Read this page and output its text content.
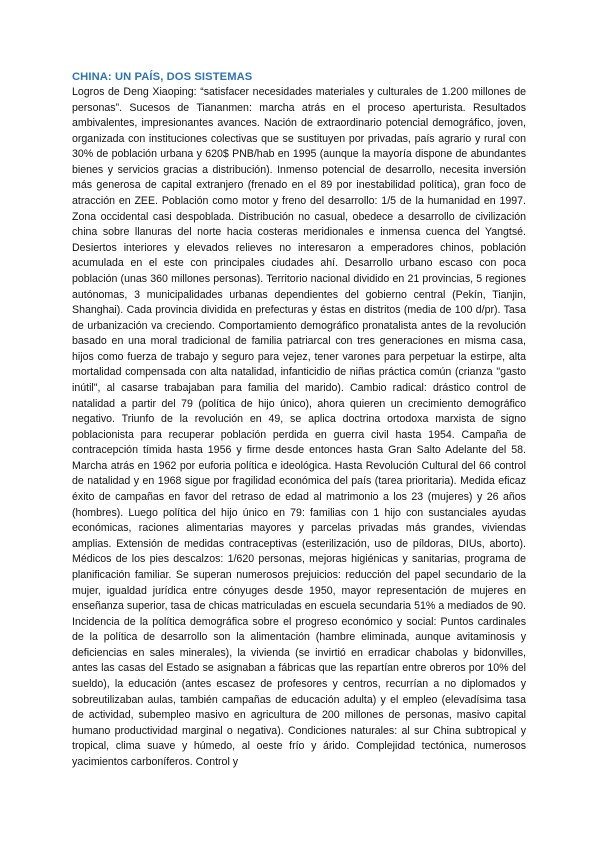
CHINA: UN PAÍS, DOS SISTEMAS

Logros de Deng Xiaoping: “satisfacer necesidades materiales y culturales de 1.200 millones de personas”. Sucesos de Tiananmen: marcha atrás en el proceso aperturista. Resultados ambivalentes, impresionantes avances. Nación de extraordinario potencial demográfico, joven, organizada con instituciones colectivas que se sustituyen por privadas, país agrario y rural con 30% de población urbana y 620$ PNB/hab en 1995 (aunque la mayoría dispone de abundantes bienes y servicios gracias a distribución). Inmenso potencial de desarrollo, necesita inversión más generosa de capital extranjero (frenado en el 89 por inestabilidad política), gran foco de atracción en ZEE. Población como motor y freno del desarrollo: 1/5 de la humanidad en 1997. Zona occidental casi despoblada. Distribución no casual, obedece a desarrollo de civilización china sobre llanuras del norte hacia costeras meridionales e inmensa cuenca del Yangtsé. Desiertos interiores y elevados relieves no interesaron a emperadores chinos, población acumulada en el este con principales ciudades ahí. Desarrollo urbano escaso con poca población (unas 360 millones personas). Territorio nacional dividido en 21 provincias, 5 regiones autónomas, 3 municipalidades urbanas dependientes del gobierno central (Pekín, Tianjin, Shanghai). Cada provincia dividida en prefecturas y éstas en distritos (media de 100 d/pr). Tasa de urbanización va creciendo. Comportamiento demográfico pronatalista antes de la revolución basado en una moral tradicional de familia patriarcal con tres generaciones en misma casa, hijos como fuerza de trabajo y seguro para vejez, tener varones para perpetuar la estirpe, alta mortalidad compensada con alta natalidad, infanticidio de niñas práctica común (crianza "gasto inútil", al casarse trabajaban para familia del marido). Cambio radical: drástico control de natalidad a partir del 79 (política de hijo único), ahora quieren un crecimiento demográfico negativo. Triunfo de la revolución en 49, se aplica doctrina ortodoxa marxista de signo poblacionista para recuperar población perdida en guerra civil hasta 1954. Campaña de contracepción tímida hasta 1956 y firme desde entonces hasta Gran Salto Adelante del 58. Marcha atrás en 1962 por euforia política e ideológica. Hasta Revolución Cultural del 66 control de natalidad y en 1968 sigue por fragilidad económica del país (tarea prioritaria). Medida eficaz éxito de campañas en favor del retraso de edad al matrimonio a los 23 (mujeres) y 26 años (hombres). Luego política del hijo único en 79: familias con 1 hijo con sustanciales ayudas económicas, raciones alimentarias mayores y parcelas privadas más grandes, viviendas amplias. Extensión de medidas contraceptivas (esterilización, uso de píldoras, DIUs, aborto). Médicos de los pies descalzos: 1/620 personas, mejoras higiénicas y sanitarias, programa de planificación familiar. Se superan numerosos prejuicios: reducción del papel secundario de la mujer, igualdad jurídica entre cónyuges desde 1950, mayor representación de mujeres en enseñanza superior, tasa de chicas matriculadas en escuela secundaria 51% a mediados de 90. Incidencia de la política demográfica sobre el progreso económico y social: Puntos cardinales de la política de desarrollo son la alimentación (hambre eliminada, aunque avitaminosis y deficiencias en sales minerales), la vivienda (se invirtió en erradicar chabolas y bidonvilles, antes las casas del Estado se asignaban a fábricas que las repartían entre obreros por 10% del sueldo), la educación (antes escasez de profesores y centros, recurrían a no diplomados y sobreutilizaban aulas, también campañas de educación adulta) y el empleo (elevadísima tasa de actividad, subempleo masivo en agricultura de 200 millones de personas, masivo capital humano productividad marginal o negativa). Condiciones naturales: al sur China subtropical y tropical, clima suave y húmedo, al oeste frío y árido. Complejidad tectónica, numerosos yacimientos carboníferos. Control y
